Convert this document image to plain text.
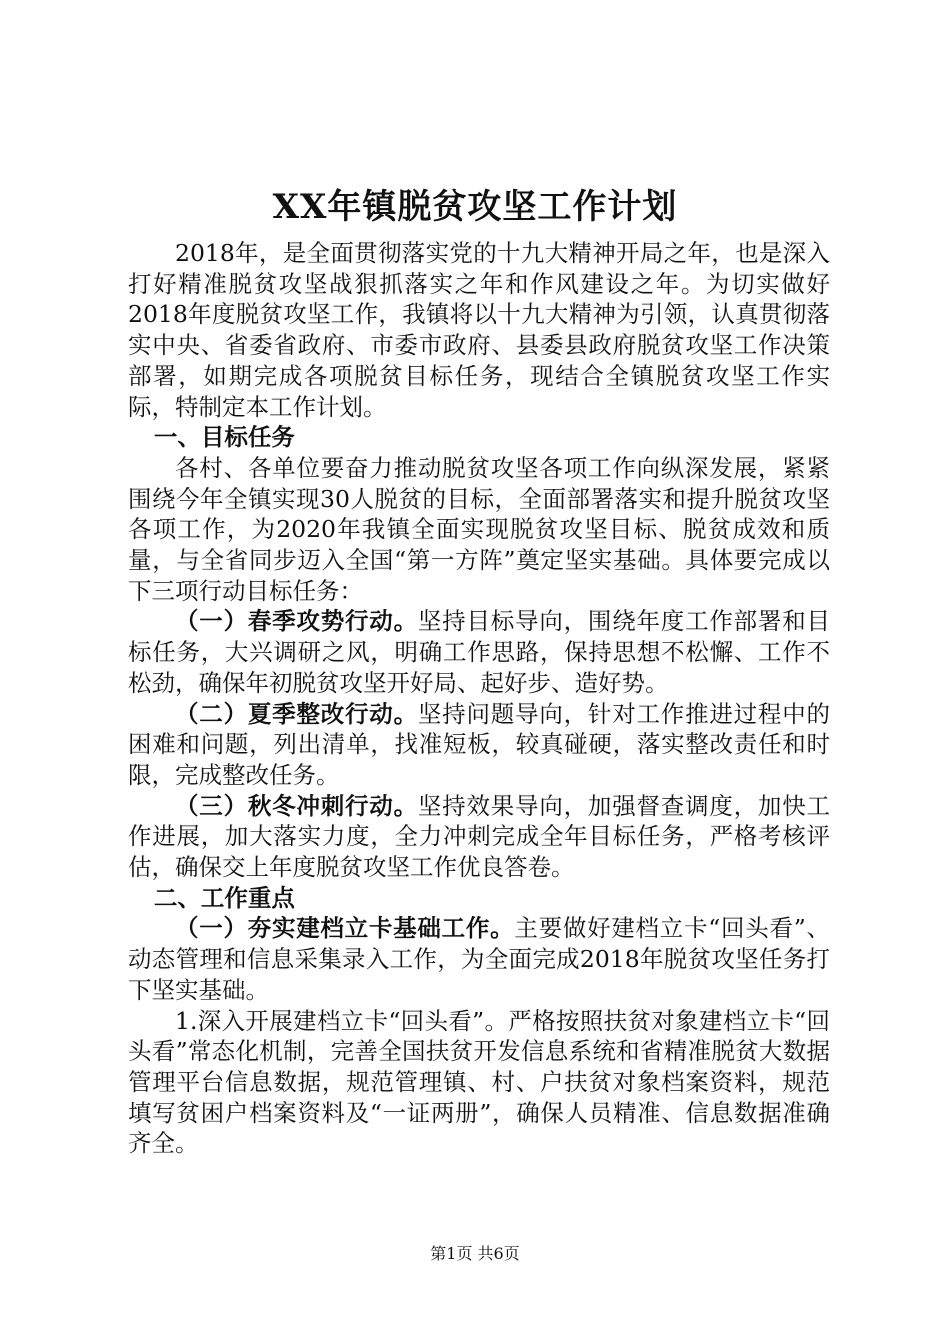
XX年镇脱贫攻坚工作计划

2018年，是全面贯彻落实党的十九大精神开局之年，也是深入打好精准脱贫攻坚战狠抓落实之年和作风建设之年。为切实做好2018年度脱贫攻坚工作，我镇将以十九大精神为引领，认真贯彻落实中央、省委省政府、市委市政府、县委县政府脱贫攻坚工作决策部署，如期完成各项脱贫目标任务，现结合全镇脱贫攻坚工作实际，特制定本工作计划。

一、目标任务

各村、各单位要奋力推动脱贫攻坚各项工作向纵深发展，紧紧围绕今年全镇实现30人脱贫的目标，全面部署落实和提升脱贫攻坚各项工作，为2020年我镇全面实现脱贫攻坚目标、脱贫成效和质量，与全省同步迈入全国“第一方阵”奠定坚实基础。具体要完成以下三项行动目标任务：

（一）春季攻势行动。坚持目标导向，围绕年度工作部署和目标任务，大兴调研之风，明确工作思路，保持思想不松懈、工作不松劲，确保年初脱贫攻坚开好局、起好步、造好势。

（二）夏季整改行动。坚持问题导向，针对工作推进过程中的困难和问题，列出清单，找准短板，较真碰硬，落实整改责任和时限，完成整改任务。

（三）秋冬冲刺行动。坚持效果导向，加强督查调度，加快工作进展，加大落实力度，全力冲刺完成全年目标任务，严格考核评估，确保交上年度脱贫攻坚工作优良答卷。

二、工作重点

（一）夯实建档立卡基础工作。主要做好建档立卡“回头看”、动态管理和信息采集录入工作，为全面完成2018年脱贫攻坚任务打下坚实基础。

1.深入开展建档立卡“回头看”。严格按照扶贫对象建档立卡“回头看”常态化机制，完善全国扶贫开发信息系统和省精准脱贫大数据管理平台信息数据，规范管理镇、村、户扶贫对象档案资料，规范填写贫困户档案资料及“一证两册”，确保人员精准、信息数据准确齐全。

第1页 共6页
